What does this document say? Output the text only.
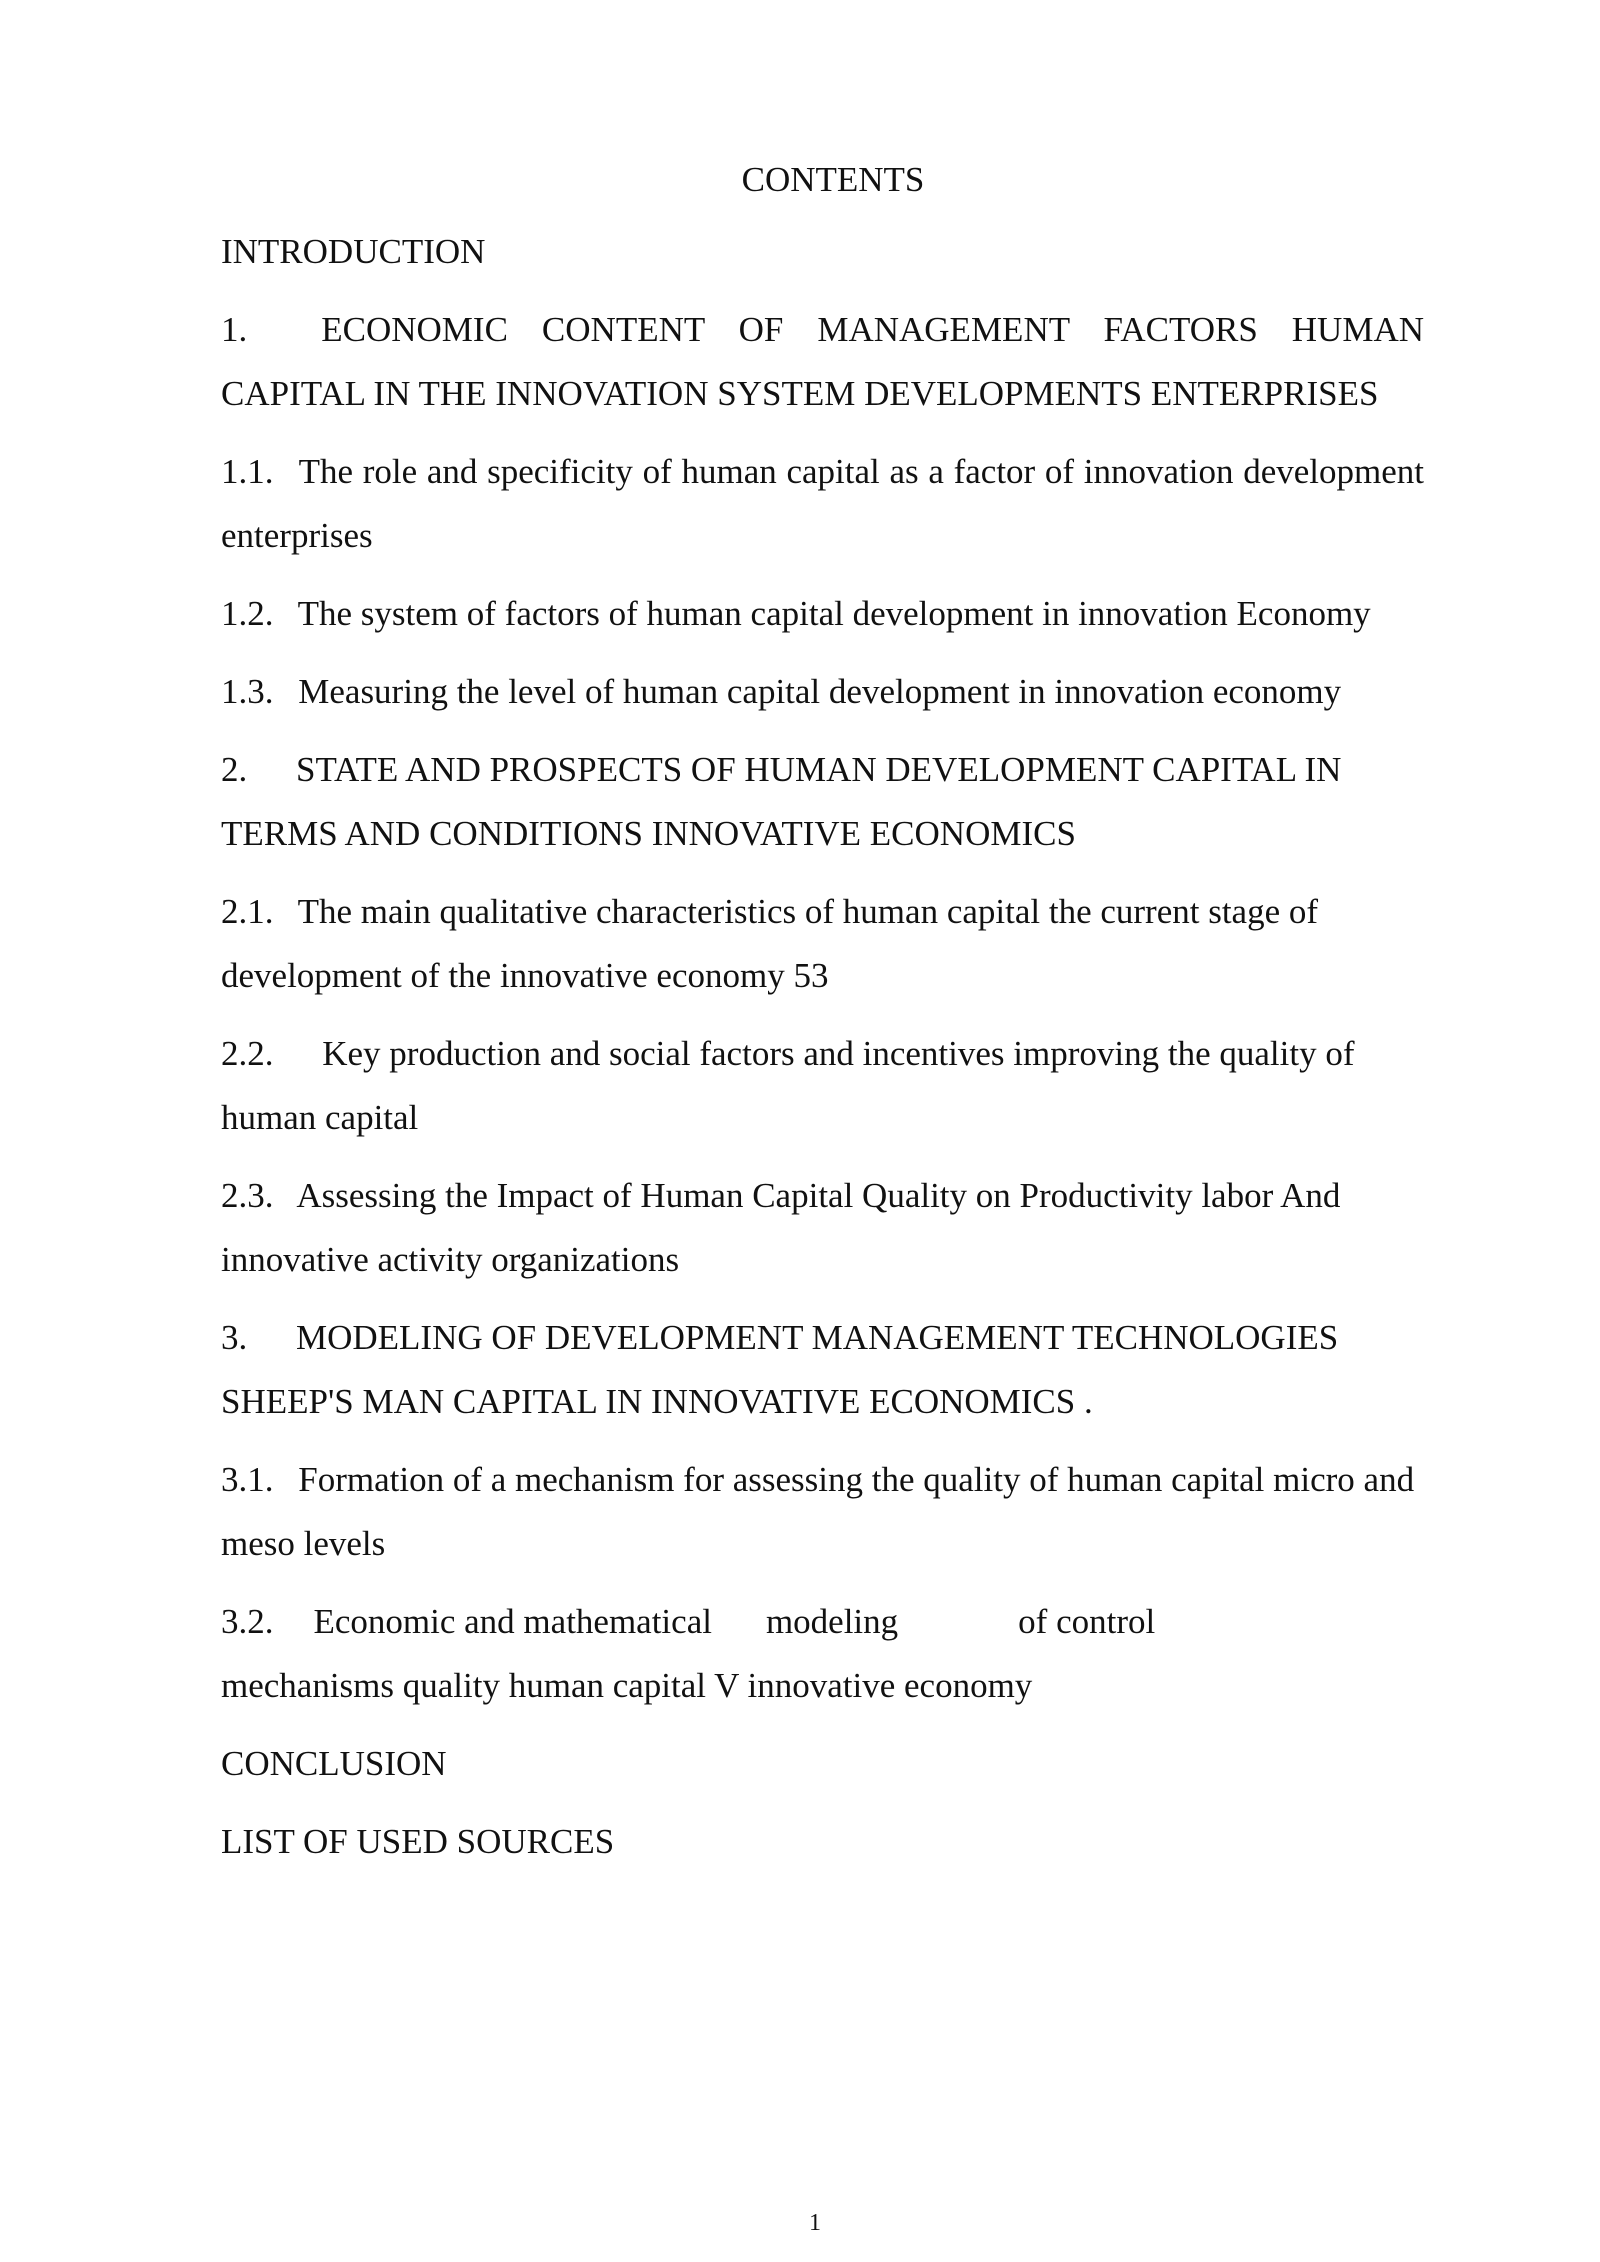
CONTENTS

INTRODUCTION

1. ECONOMIC CONTENT OF MANAGEMENT FACTORS HUMAN CAPITAL IN THE INNOVATION SYSTEM DEVELOPMENTS ENTERPRISES

1.1. The role and specificity of human capital as a factor of innovation development enterprises

1.2. The system of factors of human capital development in innovation Economy

1.3. Measuring the level of human capital development in innovation economy

2. STATE AND PROSPECTS OF HUMAN DEVELOPMENT CAPITAL IN TERMS AND CONDITIONS INNOVATIVE ECONOMICS

2.1. The main qualitative characteristics of human capital the current stage of development of the innovative economy 53

2.2. Key production and social factors and incentives improving the quality of human capital

2.3. Assessing the Impact of Human Capital Quality on Productivity labor And innovative activity organizations

3. MODELING OF DEVELOPMENT MANAGEMENT TECHNOLOGIES SHEEP'S MAN CAPITAL IN INNOVATIVE ECONOMICS .

3.1. Formation of a mechanism for assessing the quality of human capital micro and meso levels

3.2. Economic and mathematical modeling	of control
mechanisms quality human capital V innovative economy

CONCLUSION

LIST OF USED SOURCES

1
